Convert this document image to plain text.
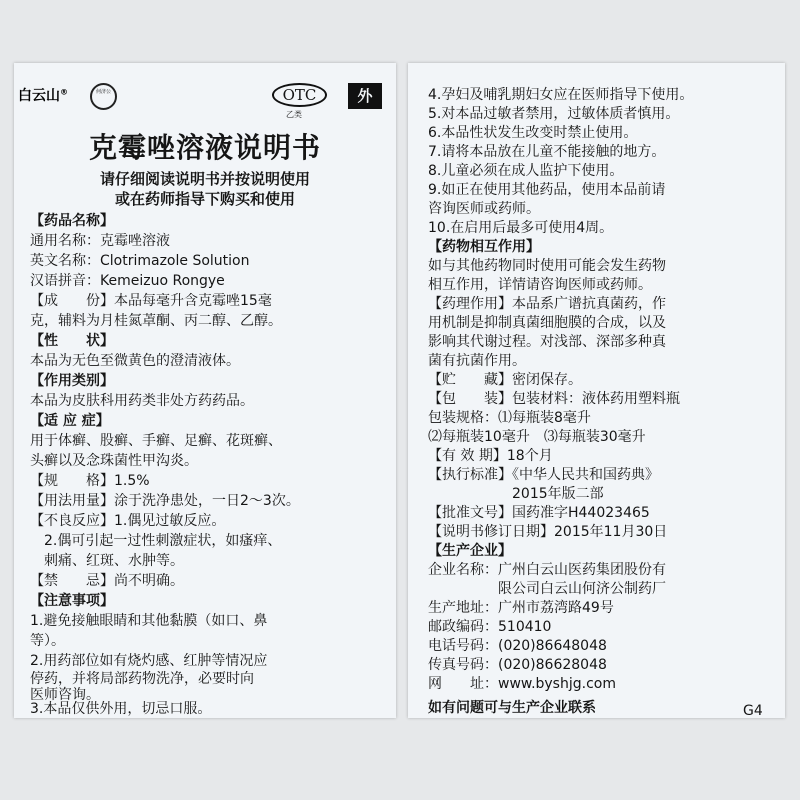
白云山®	何济公	OTC
乙类
外
克霉唑溶液说明书
请仔细阅读说明书并按说明使用
或在药师指导下购买和使用
【药品名称】
通用名称：克霉唑溶液
英文名称：Clotrimazole Solution
汉语拼音：Kemeizuo Rongye
【成　　份】本品每毫升含克霉唑15毫
克，辅料为月桂氮䓬酮、丙二醇、乙醇。
【性　　状】
本品为无色至微黄色的澄清液体。
【作用类别】
本品为皮肤科用药类非处方药药品。
【适 应 症】
用于体癣、股癣、手癣、足癣、花斑癣、
头癣以及念珠菌性甲沟炎。
【规　　格】1.5%
【用法用量】涂于洗净患处，一日2～3次。
【不良反应】1.偶见过敏反应。
　2.偶可引起一过性刺激症状，如瘙痒、
　刺痛、红斑、水肿等。
【禁　　忌】尚不明确。
【注意事项】
1.避免接触眼睛和其他黏膜（如口、鼻
等）。
2.用药部位如有烧灼感、红肿等情况应
停药，并将局部药物洗净，必要时向
医师咨询。
3.本品仅供外用，切忌口服。
4.孕妇及哺乳期妇女应在医师指导下使用。
5.对本品过敏者禁用，过敏体质者慎用。
6.本品性状发生改变时禁止使用。
7.请将本品放在儿童不能接触的地方。
8.儿童必须在成人监护下使用。
9.如正在使用其他药品，使用本品前请
咨询医师或药师。
10.在启用后最多可使用4周。
【药物相互作用】
如与其他药物同时使用可能会发生药物
相互作用，详情请咨询医师或药师。
【药理作用】本品系广谱抗真菌药，作
用机制是抑制真菌细胞膜的合成，以及
影响其代谢过程。对浅部、深部多种真
菌有抗菌作用。
【贮　　藏】密闭保存。
【包　　装】包装材料：液体药用塑料瓶
包装规格：⑴每瓶装8毫升
⑵每瓶装10毫升　⑶每瓶装30毫升
【有 效 期】18个月
【执行标准】《中华人民共和国药典》
　　　　　　2015年版二部
【批准文号】国药准字H44023465
【说明书修订日期】2015年11月30日
【生产企业】
企业名称：广州白云山医药集团股份有
　　　　　限公司白云山何济公制药厂
生产地址：广州市荔湾路49号
邮政编码：510410
电话号码：(020)86648048
传真号码：(020)86628048
网　　址：www.byshjg.com
如有问题可与生产企业联系	G4
